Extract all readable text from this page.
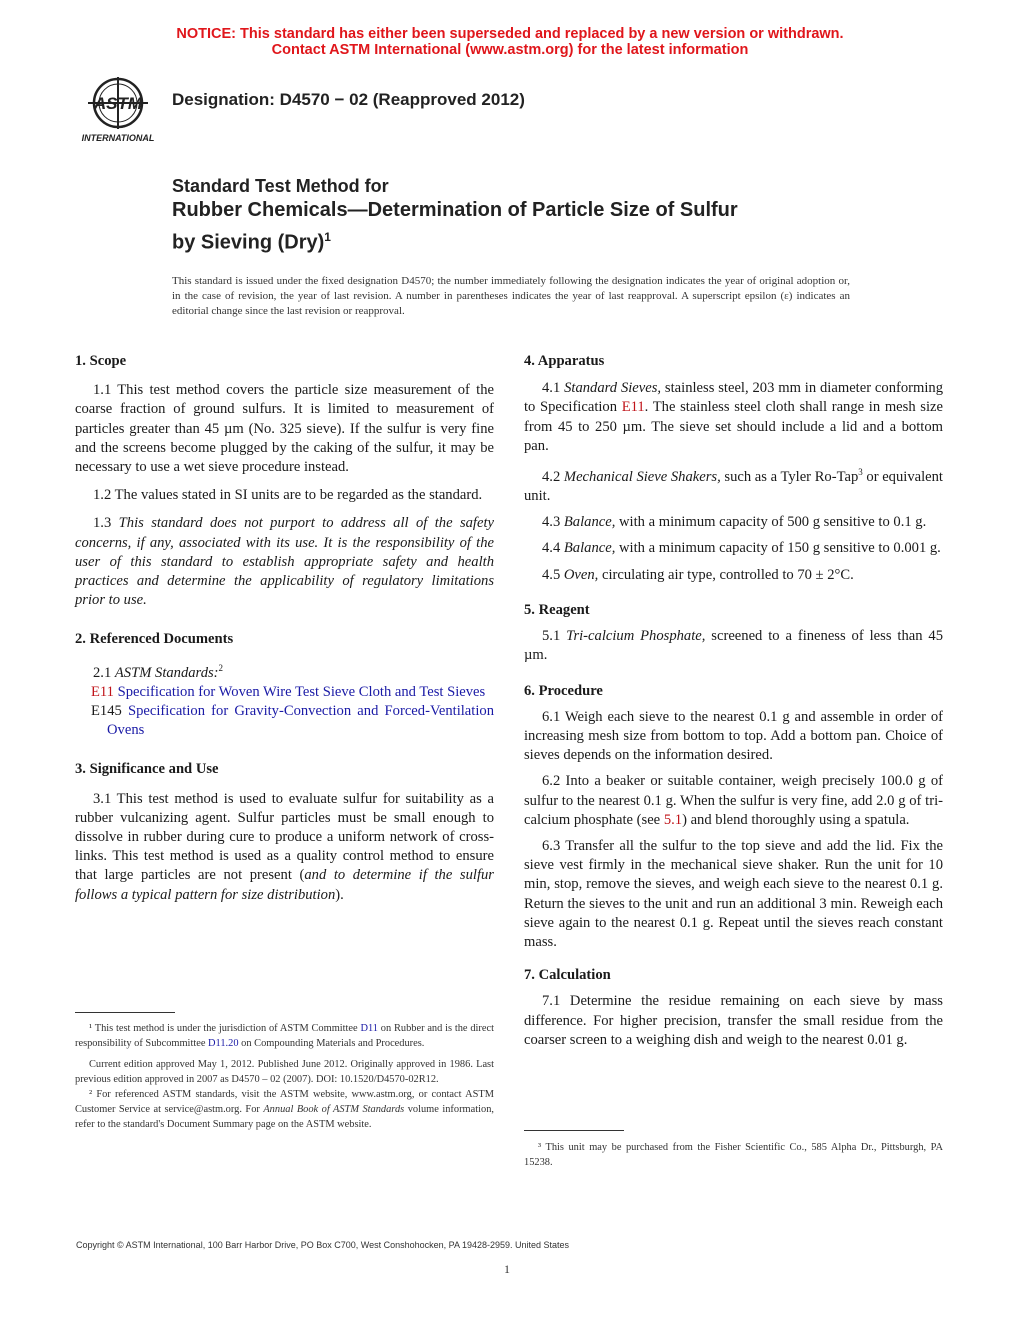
NOTICE: This standard has either been superseded and replaced by a new version or withdrawn.
Contact ASTM International (www.astm.org) for the latest information
ASTM
INTERNATIONAL
Designation: D4570 − 02 (Reapproved 2012)
Standard Test Method for
Rubber Chemicals—Determination of Particle Size of Sulfur
by Sieving (Dry)$^1$
This standard is issued under the fixed designation D4570; the number immediately following the designation indicates the year of original adoption or, in the case of revision, the year of last revision. A number in parentheses indicates the year of last reapproval. A superscript epsilon (ε) indicates an editorial change since the last revision or reapproval.

1. Scope

1.1 This test method covers the particle size measurement of the coarse fraction of ground sulfurs. It is limited to measurement of particles greater than 45 µm (No. 325 sieve). If the sulfur is very fine and the screens become plugged by the caking of the sulfur, it may be necessary to use a wet sieve procedure instead.

1.2 The values stated in SI units are to be regarded as the standard.

1.3 This standard does not purport to address all of the safety concerns, if any, associated with its use. It is the responsibility of the user of this standard to establish appropriate safety and health practices and determine the applicability of regulatory limitations prior to use.

2. Referenced Documents

2.1 ASTM Standards:$^2$

E11 Specification for Woven Wire Test Sieve Cloth and Test Sieves

E145 Specification for Gravity-Convection and Forced-Ventilation Ovens

3. Significance and Use

3.1 This test method is used to evaluate sulfur for suitability as a rubber vulcanizing agent. Sulfur particles must be small enough to dissolve in rubber during cure to produce a uniform network of cross-links. This test method is used as a quality control method to ensure that large particles are not present (and to determine if the sulfur follows a typical pattern for size distribution).

¹ This test method is under the jurisdiction of ASTM Committee D11 on Rubber and is the direct responsibility of Subcommittee D11.20 on Compounding Materials and Procedures.

Current edition approved May 1, 2012. Published June 2012. Originally approved in 1986. Last previous edition approved in 2007 as D4570 – 02 (2007). DOI: 10.1520/D4570-02R12.

² For referenced ASTM standards, visit the ASTM website, www.astm.org, or contact ASTM Customer Service at service@astm.org. For Annual Book of ASTM Standards volume information, refer to the standard's Document Summary page on the ASTM website.

4. Apparatus

4.1 Standard Sieves, stainless steel, 203 mm in diameter conforming to Specification E11. The stainless steel cloth shall range in mesh size from 45 to 250 µm. The sieve set should include a lid and a bottom pan.

4.2 Mechanical Sieve Shakers, such as a Tyler Ro-Tap$^3$ or equivalent unit.

4.3 Balance, with a minimum capacity of 500 g sensitive to 0.1 g.

4.4 Balance, with a minimum capacity of 150 g sensitive to 0.001 g.

4.5 Oven, circulating air type, controlled to 70 ± 2°C.

5. Reagent

5.1 Tri-calcium Phosphate, screened to a fineness of less than 45 µm.

6. Procedure

6.1 Weigh each sieve to the nearest 0.1 g and assemble in order of increasing mesh size from bottom to top. Add a bottom pan. Choice of sieves depends on the information desired.

6.2 Into a beaker or suitable container, weigh precisely 100.0 g of sulfur to the nearest 0.1 g. When the sulfur is very fine, add 2.0 g of tri-calcium phosphate (see 5.1) and blend thoroughly using a spatula.

6.3 Transfer all the sulfur to the top sieve and add the lid. Fix the sieve vest firmly in the mechanical sieve shaker. Run the unit for 10 min, stop, remove the sieves, and weigh each sieve to the nearest 0.1 g. Return the sieves to the unit and run an additional 3 min. Reweigh each sieve again to the nearest 0.1 g. Repeat until the sieves reach constant mass.

7. Calculation

7.1 Determine the residue remaining on each sieve by mass difference. For higher precision, transfer the small residue from the coarser screen to a weighing dish and weigh to the nearest 0.01 g.

³ This unit may be purchased from the Fisher Scientific Co., 585 Alpha Dr., Pittsburgh, PA 15238.

Copyright © ASTM International, 100 Barr Harbor Drive, PO Box C700, West Conshohocken, PA 19428-2959. United States
1
